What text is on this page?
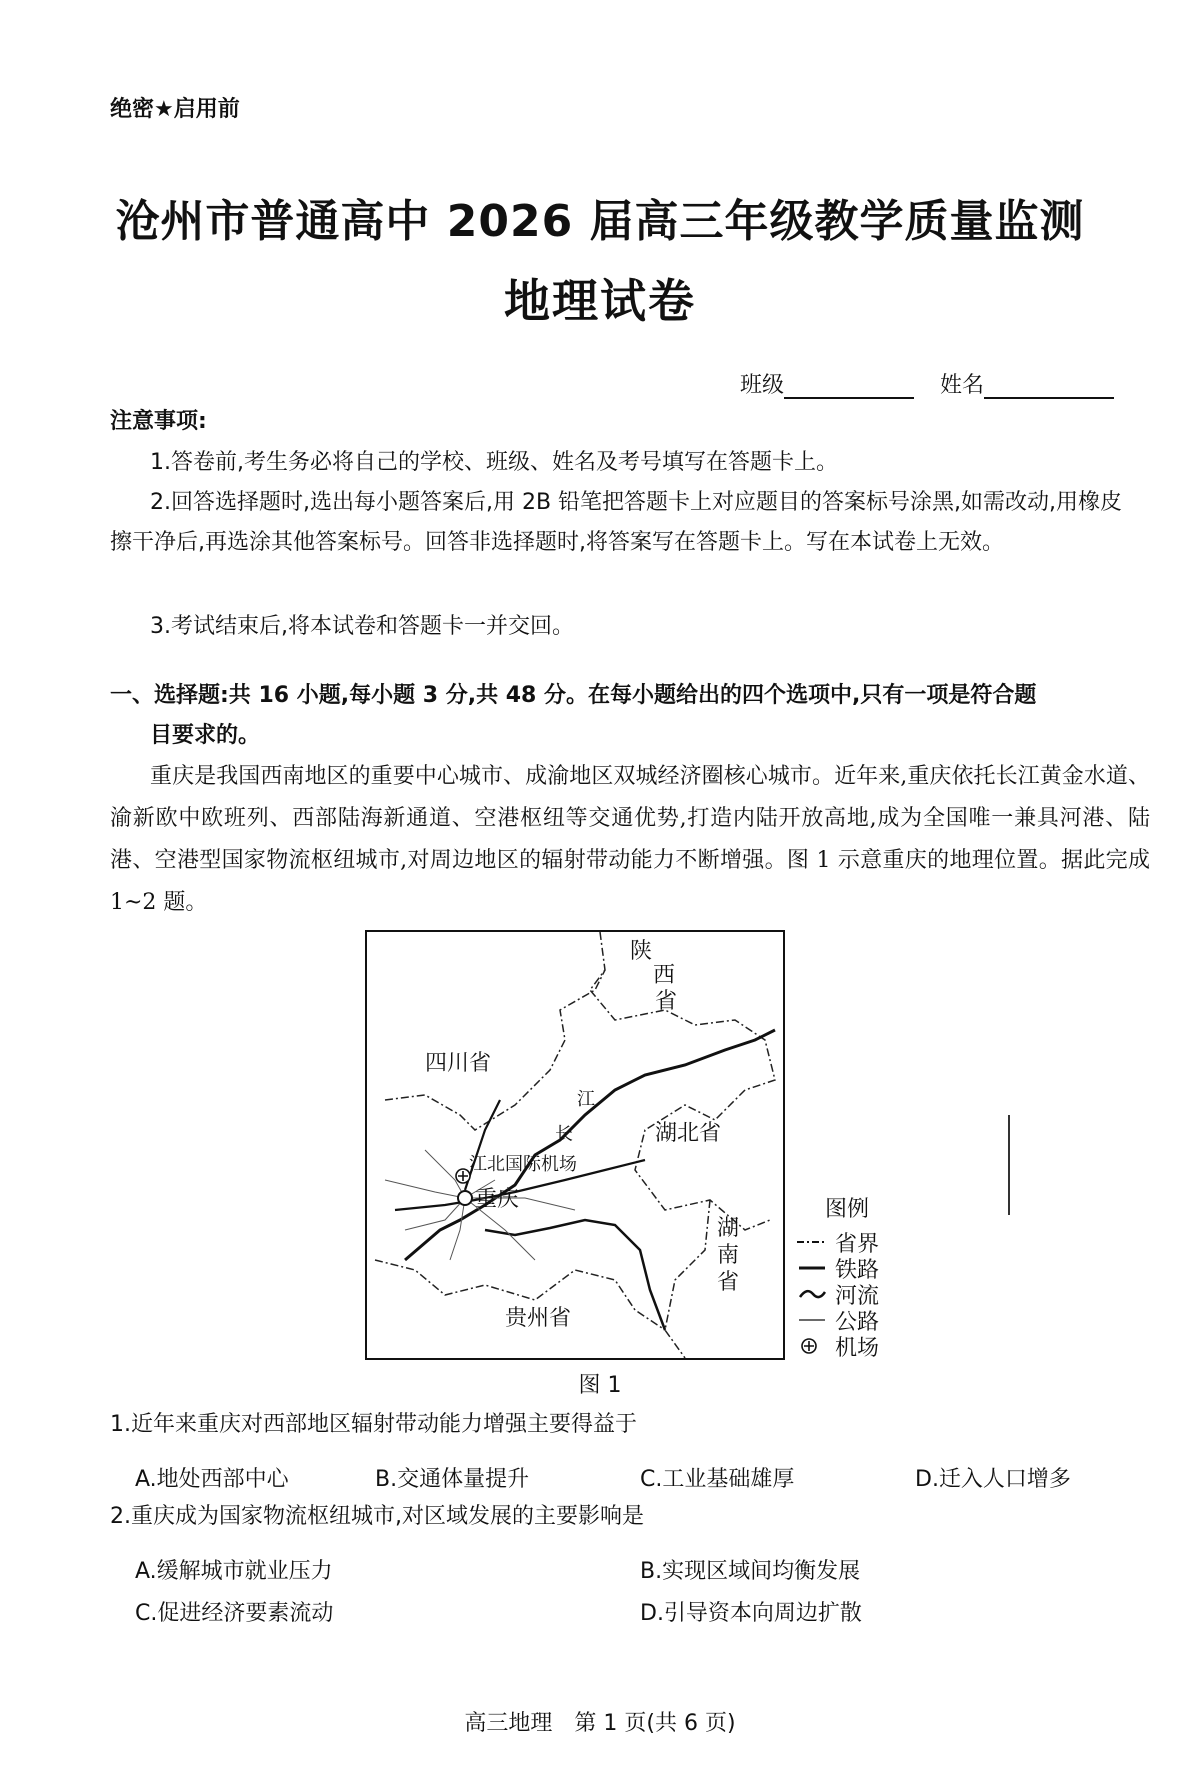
绝密★启用前
沧州市普通高中 2026 届高三年级教学质量监测
地理试卷
班级	姓名
注意事项:
1.答卷前,考生务必将自己的学校、班级、姓名及考号填写在答题卡上。
2.回答选择题时,选出每小题答案后,用 2B 铅笔把答题卡上对应题目的答案标号涂黑,如需改动,用橡皮擦干净后,再选涂其他答案标号。回答非选择题时,将答案写在答题卡上。写在本试卷上无效。
3.考试结束后,将本试卷和答题卡一并交回。
一、选择题:共 16 小题,每小题 3 分,共 48 分。在每小题给出的四个选项中,只有一项是符合题
目要求的。
重庆是我国西南地区的重要中心城市、成渝地区双城经济圈核心城市。近年来,重庆依托长江黄金水道、渝新欧中欧班列、西部陆海新通道、空港枢纽等交通优势,打造内陆开放高地,成为全国唯一兼具河港、陆港、空港型国家物流枢纽城市,对周边地区的辐射带动能力不断增强。图 1 示意重庆的地理位置。据此完成 1~2 题。
陕
西
省
四川省
湖北省
湖
南
省
贵州省
重庆
江北国际机场
江
长
图例
省界
铁路
河流
公路
机场
图 1
1.近年来重庆对西部地区辐射带动能力增强主要得益于
A.地处西部中心	B.交通体量提升	C.工业基础雄厚	D.迁入人口增多
2.重庆成为国家物流枢纽城市,对区域发展的主要影响是
A.缓解城市就业压力	B.实现区域间均衡发展
C.促进经济要素流动	D.引导资本向周边扩散
高三地理　第 1 页(共 6 页)
